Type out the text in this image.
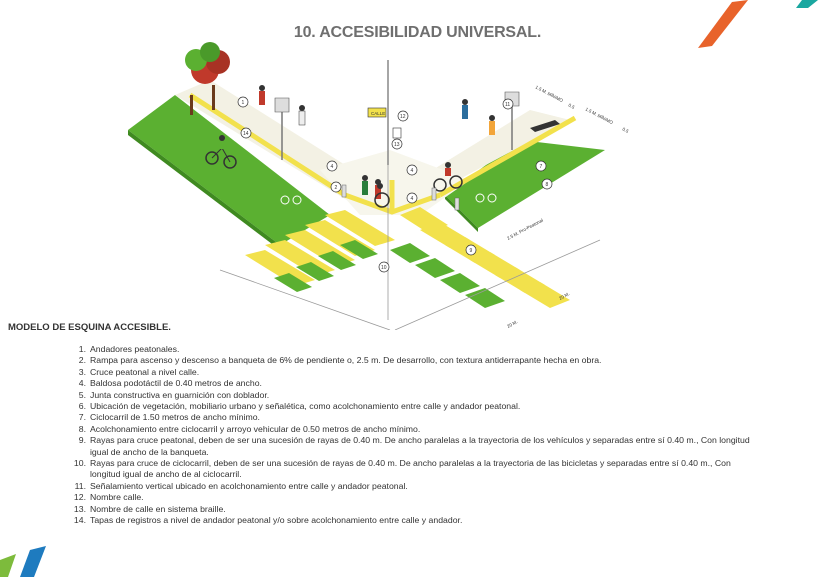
10. ACCESIBILIDAD UNIVERSAL.
CALLE
1
14
12
11
13
4
2
4
7
8
9
10
4
1.5 M. MÍNIMO
0.5
1.5 M. MÍNIMO
0.5
2.5 M. Pro-Peatonal
20 M.
20 M.
MODELO DE ESQUINA ACCESIBLE.
1. Andadores peatonales.
2. Rampa para ascenso y descenso a banqueta de 6% de pendiente o, 2.5 m. De desarrollo, con textura antiderrapante hecha en obra.
3. Cruce peatonal a nivel calle.
4. Baldosa podotáctil de 0.40 metros de ancho.
5. Junta constructiva en guarnición con doblador.
6. Ubicación de vegetación, mobiliario urbano y señalética, como acolchonamiento entre calle y andador peatonal.
7. Ciclocarril de 1.50 metros de ancho mínimo.
8. Acolchonamiento entre ciclocarril y arroyo vehicular de 0.50 metros de ancho mínimo.
9. Rayas para cruce peatonal, deben de ser una sucesión de rayas de 0.40 m. De ancho paralelas a la trayectoria de los vehículos y separadas entre sí 0.40 m., Con longitud igual de ancho de la banqueta.
10. Rayas para cruce de ciclocarril, deben de ser una sucesión de rayas de 0.40 m. De ancho paralelas a la trayectoria de las bicicletas y separadas entre sí 0.40 m., Con longitud igual de ancho de al ciclocarril.
11. Señalamiento vertical ubicado en acolchonamiento entre calle y andador peatonal.
12. Nombre calle.
13. Nombre de calle en sistema braille.
14. Tapas de registros a nivel de andador peatonal y/o sobre acolchonamiento entre calle y andador.
